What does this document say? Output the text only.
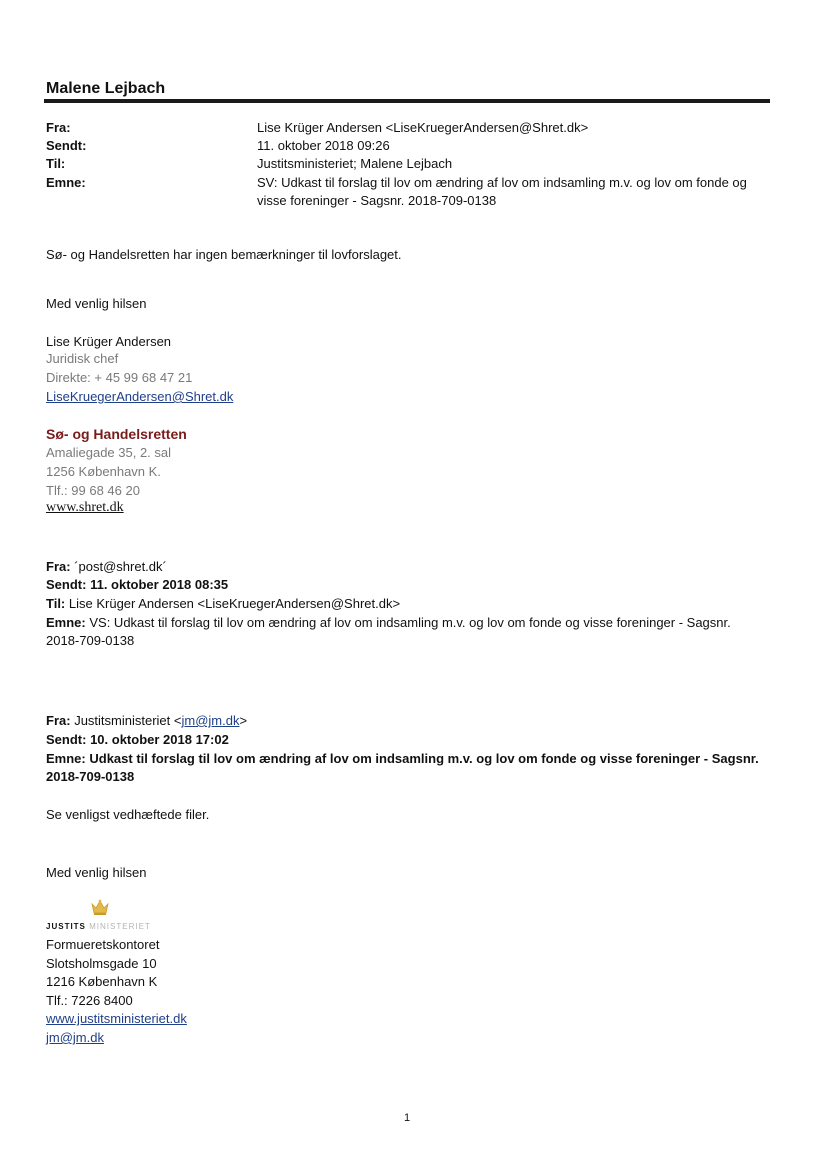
Malene Lejbach
Fra:	Lise Krüger Andersen <LiseKruegerAndersen@Shret.dk>
Sendt:	11. oktober 2018 09:26
Til:	Justitsministeriet; Malene Lejbach
Emne:	SV: Udkast til forslag til lov om ændring af lov om indsamling m.v. og lov om fonde og visse foreninger - Sagsnr. 2018-709-0138
Sø- og Handelsretten har ingen bemærkninger til lovforslaget.
Med venlig hilsen
Lise Krüger Andersen
Juridisk chef
Direkte: + 45 99 68 47 21
LiseKruegerAndersen@Shret.dk
Sø- og Handelsretten
Amaliegade 35, 2. sal
1256 København K.
Tlf.: 99 68 46 20
www.shret.dk
Fra: ´post@shret.dk´
Sendt: 11. oktober 2018 08:35
Til: Lise Krüger Andersen <LiseKruegerAndersen@Shret.dk>
Emne: VS: Udkast til forslag til lov om ændring af lov om indsamling m.v. og lov om fonde og visse foreninger - Sagsnr. 2018-709-0138
Fra: Justitsministeriet <jm@jm.dk>
Sendt: 10. oktober 2018 17:02
Emne: Udkast til forslag til lov om ændring af lov om indsamling m.v. og lov om fonde og visse foreninger - Sagsnr. 2018-709-0138
Se venligst vedhæftede filer.
Med venlig hilsen
JUSTITS MINISTERIET
Formueretskontoret
Slotsholmsgade 10
1216 København K
Tlf.: 7226 8400
www.justitsministeriet.dk
jm@jm.dk
1
